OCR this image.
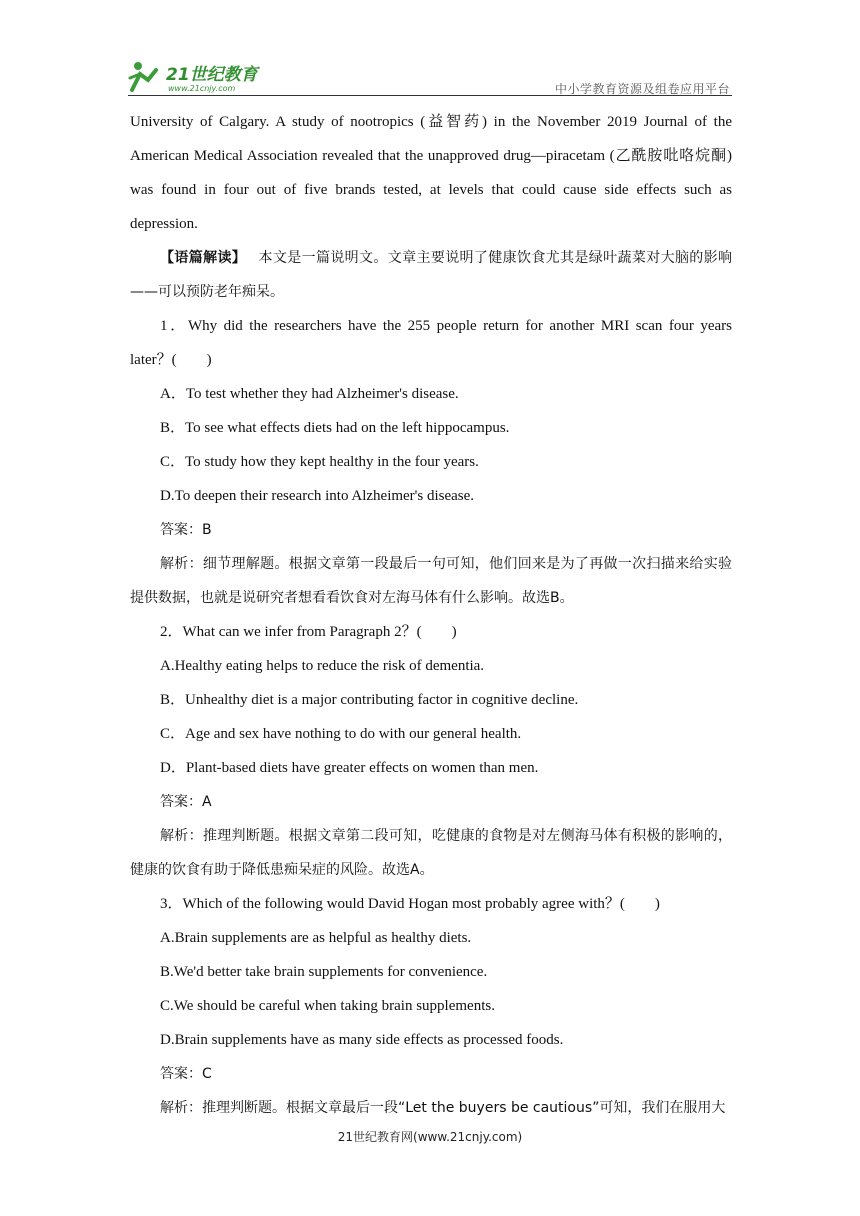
21世纪教育
www.21cnjy.com	中小学教育资源及组卷应用平台

University of Calgary. A study of nootropics (益智药) in the November 2019 Journal of the American Medical Association revealed that the unapproved drug—piracetam (乙酰胺吡咯烷酮) was found in four out of five brands tested, at levels that could cause side effects such as depression.

【语篇解读】 本文是一篇说明文。文章主要说明了健康饮食尤其是绿叶蔬菜对大脑的影响——可以预防老年痴呆。

1．Why did the researchers have the 255 people return for another MRI scan four years later？(　　)

A．To test whether they had Alzheimer's disease.

B．To see what effects diets had on the left hippocampus.

C．To study how they kept healthy in the four years.

D.To deepen their research into Alzheimer's disease.

答案：B

解析：细节理解题。根据文章第一段最后一句可知，他们回来是为了再做一次扫描来给实验提供数据，也就是说研究者想看看饮食对左海马体有什么影响。故选B。

2．What can we infer from Paragraph 2？(　　)

A.Healthy eating helps to reduce the risk of dementia.

B．Unhealthy diet is a major contributing factor in cognitive decline.

C．Age and sex have nothing to do with our general health.

D．Plant-based diets have greater effects on women than men.

答案：A

解析：推理判断题。根据文章第二段可知，吃健康的食物是对左侧海马体有积极的影响的，健康的饮食有助于降低患痴呆症的风险。故选A。

3．Which of the following would David Hogan most probably agree with？(　　)

A.Brain supplements are as helpful as healthy diets.

B.We'd better take brain supplements for convenience.

C.We should be careful when taking brain supplements.

D.Brain supplements have as many side effects as processed foods.

答案：C

解析：推理判断题。根据文章最后一段“Let the buyers be cautious”可知，我们在服用大

21世纪教育网(www.21cnjy.com)
